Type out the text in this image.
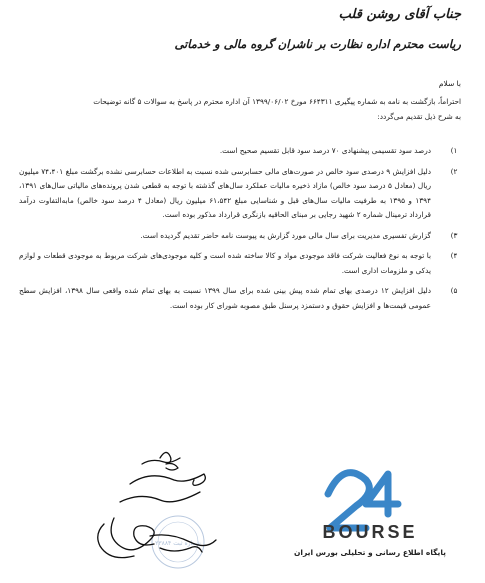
جناب آقای روشن قلب
ریاست محترم اداره نظارت بر ناشران گروه مالی و خدماتی
با سلام

احتراماً، بازگشت به نامه به شماره پیگیری ۶۶۴۳۱۱ مورخ ۱۳۹۹/۰۶/۰۲ آن اداره محترم در پاسخ به سوالات ۵ گانه توضیحات

به شرح ذیل تقدیم می‌گردد:

۱)
درصد سود تقسیمی پیشنهادی ۷۰ درصد سود قابل تقسیم صحیح است.
۲)
دلیل افزایش ۹ درصدی سود خالص در صورت‌های مالی حسابرسی شده نسبت به اطلاعات حسابرسی نشده برگشت مبلغ ۷۴،۴۰۱ میلیون ریال (معادل ۵ درصد سود خالص) مازاد ذخیره مالیات عملکرد سال‌های گذشته با توجه به قطعی شدن پرونده‌های مالیاتی سال‌های ۱۳۹۱، ۱۳۹۴ و ۱۳۹۵ به طرفیت مالیات سال‌های قبل و شناسایی مبلغ ۶۱،۵۴۲ میلیون ریال (معادل ۴ درصد سود خالص) مابه‌التفاوت درآمد قرارداد ترمینال شماره ۲ شهید رجایی بر مبنای الحاقیه بازنگری قرارداد مذکور بوده است.
۳)
گزارش تفسیری مدیریت برای سال مالی مورد گزارش به پیوست نامه حاضر تقدیم گردیده است.
۴)
با توجه به نوع فعالیت شرکت فاقد موجودی مواد و کالا ساخته شده است و کلیه موجودی‌های شرکت مربوط به موجودی قطعات و لوازم یدکی و ملزومات اداری است.
۵)
دلیل افزایش ۱۲ درصدی بهای تمام شده پیش بینی شده برای سال ۱۳۹۹ نسبت به بهای تمام شده واقعی سال ۱۳۹۸، افزایش سطح عمومی قیمت‌ها و افزایش حقوق و دستمزد پرسنل طبق مصوبه شورای کار بوده است.
شماره ثبت ۲۳۸۸۴
BOURSE
پایگاه اطلاع رسانی و تحلیلی بورس ایران
